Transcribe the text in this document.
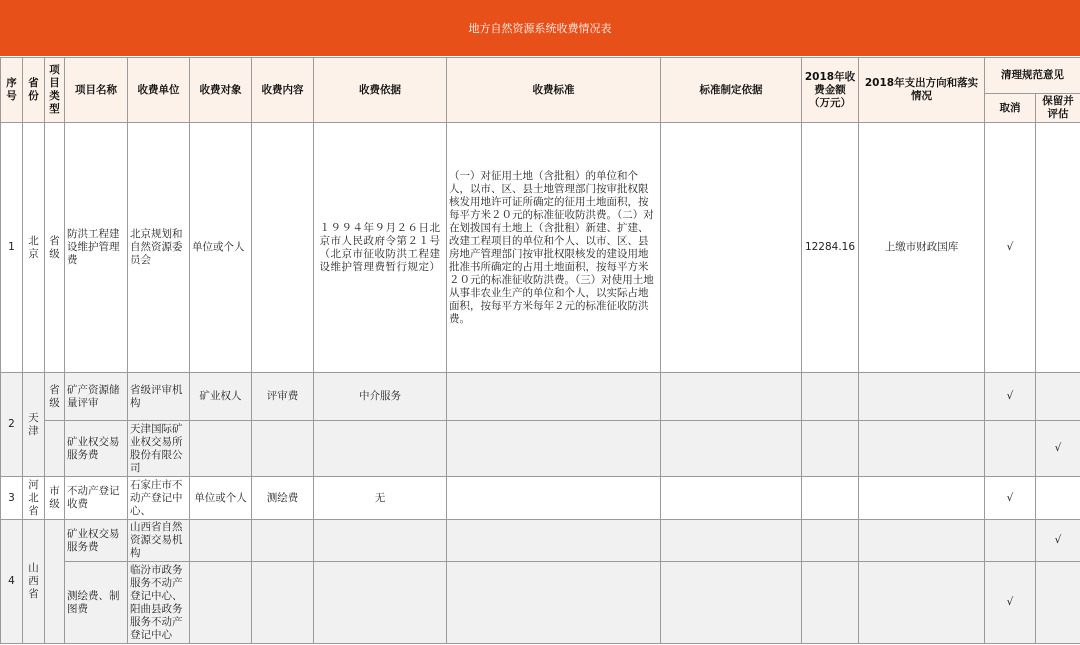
地方自然资源系统收费情况表
序号	省份	项目类型	项目名称	收费单位	收费对象	收费内容	收费依据	收费标准	标准制定依据	2018年收费金额（万元）	2018年支出方向和落实情况	清理规范意见	
												取消	保留并评估
1	北京	省级	防洪工程建设维护管理费	北京规划和自然资源委员会	单位或个人		１９９４年９月２６日北京市人民政府令第２１号（北京市征收防洪工程建设维护管理费暂行规定）	（一）对征用土地（含批租）的单位和个人，以市、区、县土地管理部门按审批权限核发用地许可证所确定的征用土地面积，按每平方米２０元的标准征收防洪费。（二）对在划拨国有土地上（含批租）新建、扩建、改建工程项目的单位和个人、以市、区、县房地产管理部门按审批权限核发的建设用地批准书所确定的占用土地面积，按每平方米２０元的标准征收防洪费。（三）对使用土地从事非农业生产的单位和个人，以实际占地面积，按每平方米每年２元的标准征收防洪费。		12284.16	上缴市财政国库	√	
2	天津	省级	矿产资源储量评审	省级评审机构	矿业权人	评审费	中介服务					√	
			矿业权交易服务费	天津国际矿业权交易所股份有限公司									√
3	河北省	市级	不动产登记收费	石家庄市不动产登记中心、	单位或个人	测绘费	无					√	
4	山西省		矿业权交易服务费	山西省自然资源交易机构									√
			测绘费、制图费	临汾市政务服务不动产登记中心、阳曲县政务服务不动产登记中心								√	
